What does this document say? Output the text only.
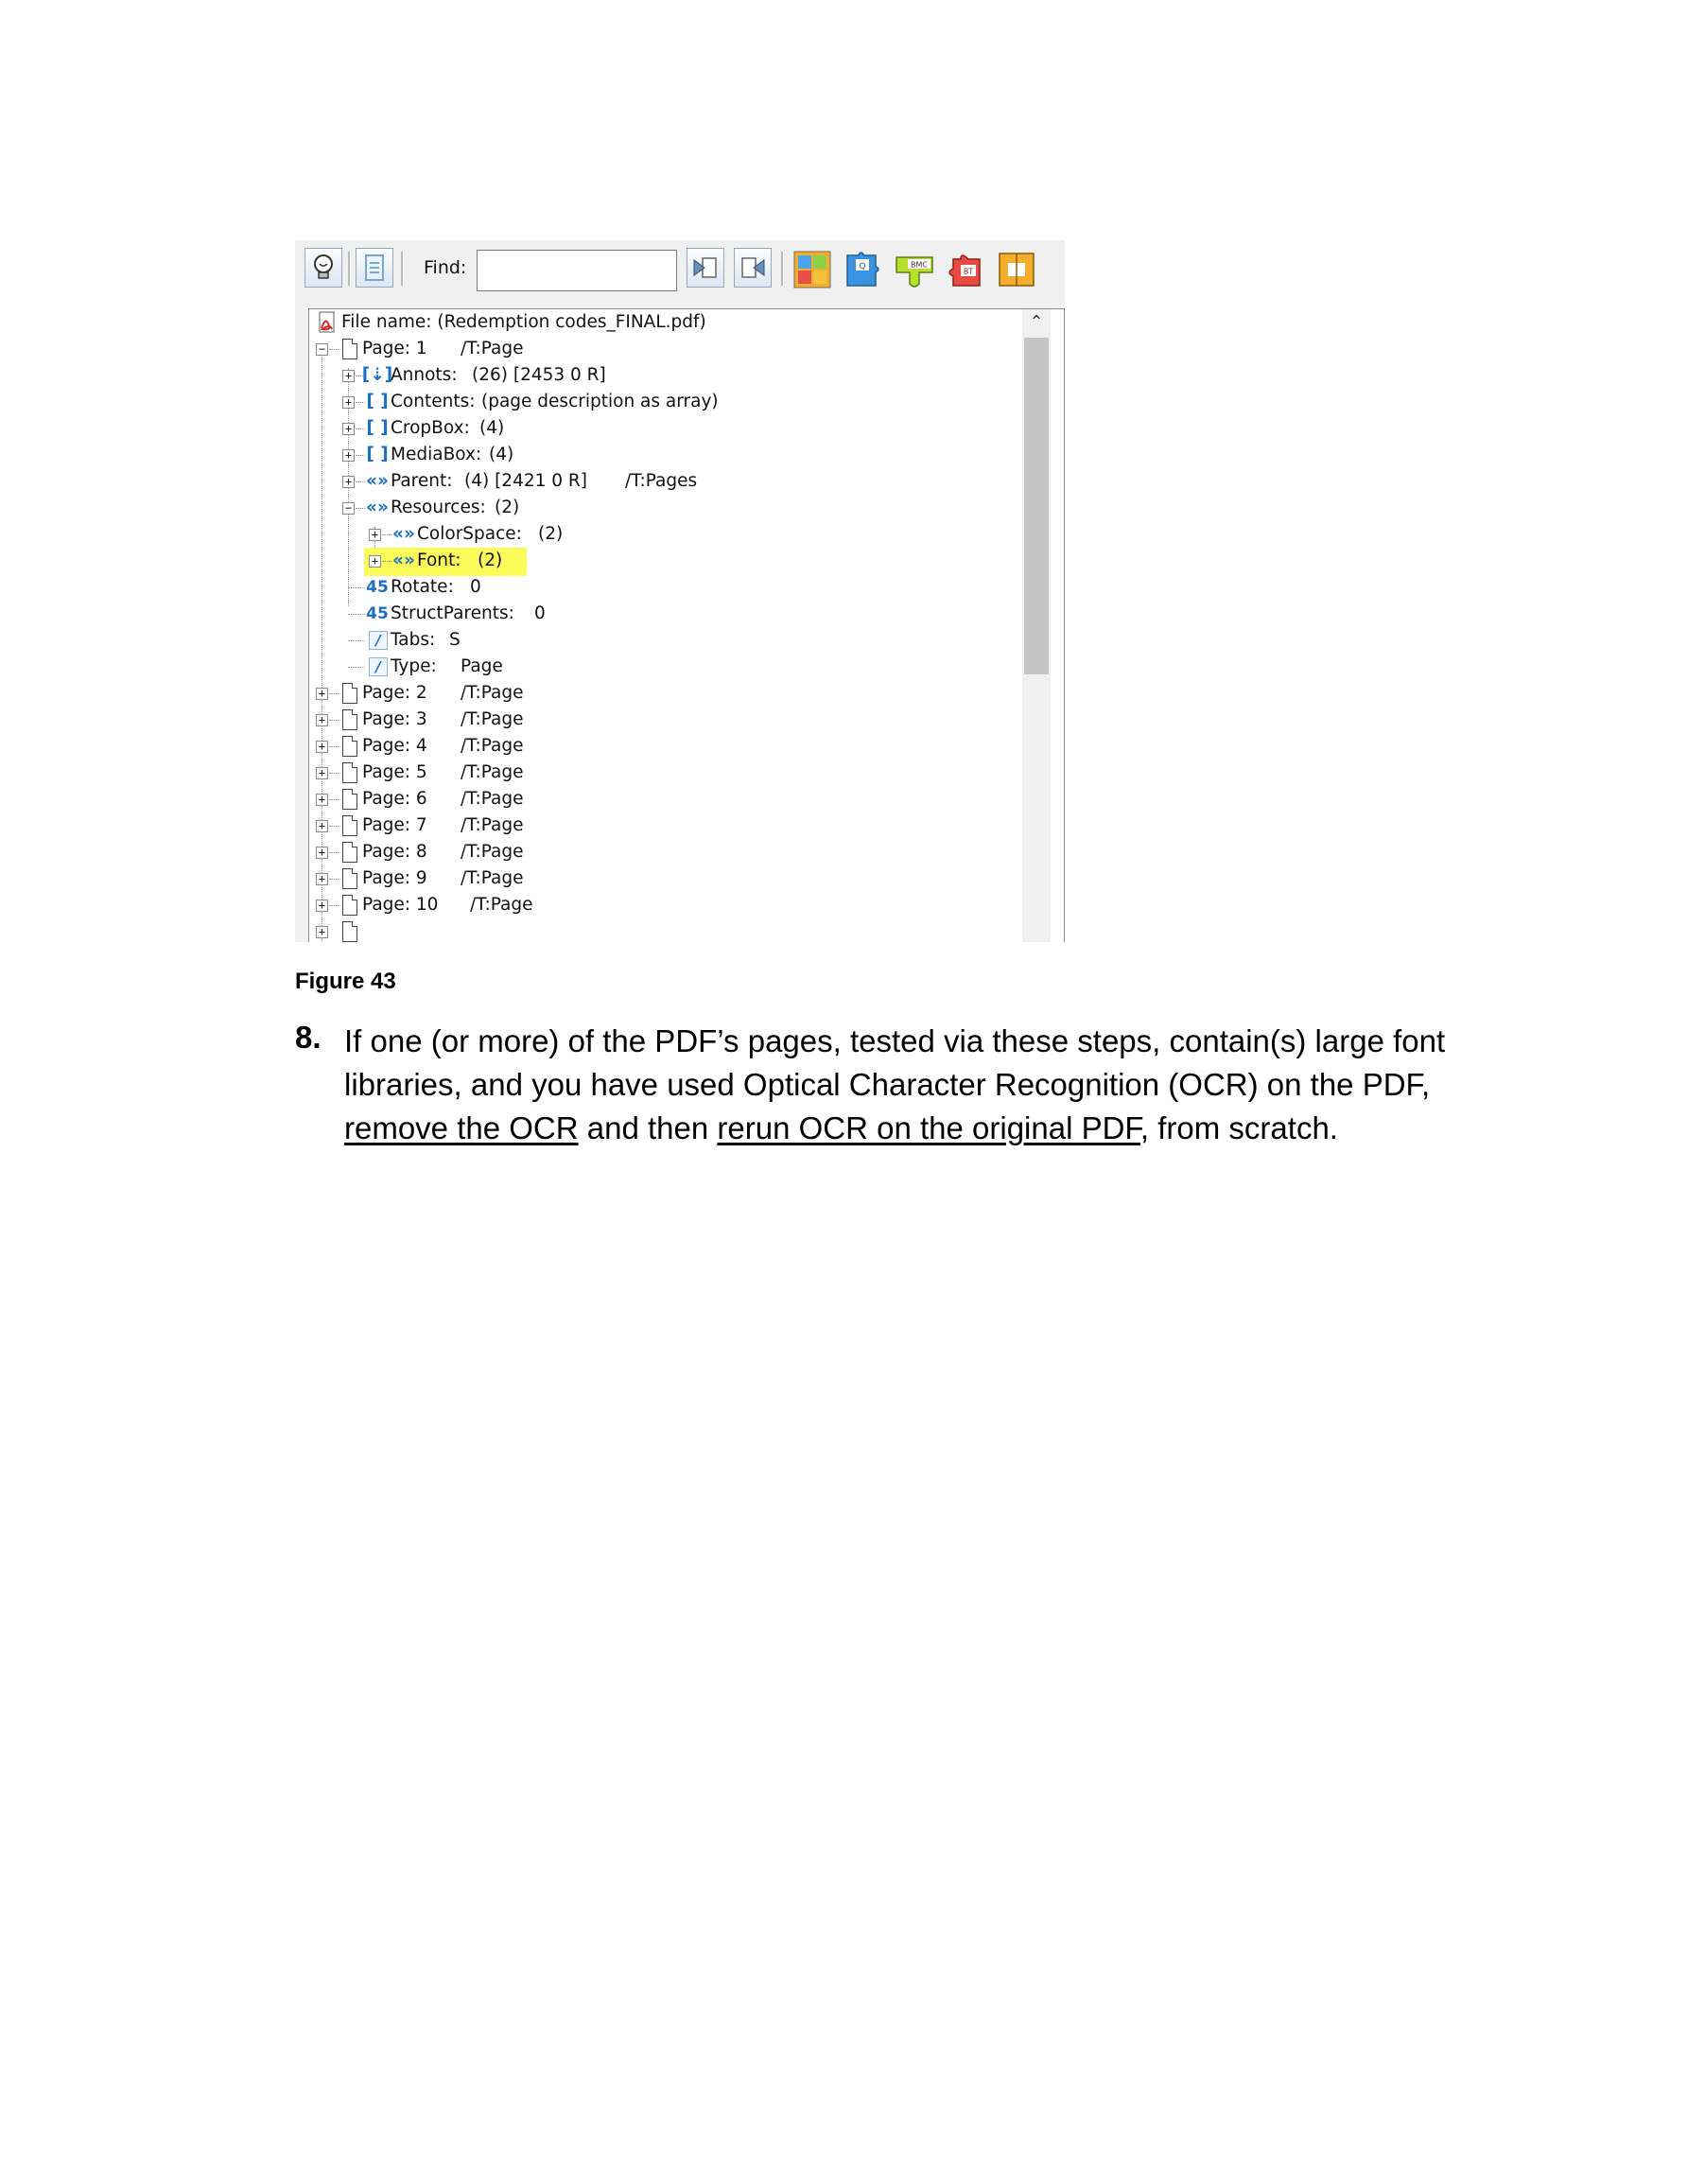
Find:	Q	BMC
BT
⌃

File name: (Redemption codes_FINAL.pdf)

−

Page: 1

/T:Page

+

[⇣]

Annots:

(26) [2453 0 R]

+

[ ]

Contents:

(page description as array)

+

[ ]

CropBox:

(4)

+

[ ]

MediaBox:

(4)

+

«»

Parent:

(4) [2421 0 R]

/T:Pages

−

«»

Resources:

(2)

+

«»

ColorSpace:

(2)

+

«»

Font:

(2)

45

Rotate:

0

45

StructParents:

0

/

Tabs:

S

/

Type:

Page

+

Page: 2

/T:Page

+

Page: 3

/T:Page

+

Page: 4

/T:Page

+

Page: 5

/T:Page

+

Page: 6

/T:Page

+

Page: 7

/T:Page

+

Page: 8

/T:Page

+

Page: 9

/T:Page

+

Page: 10

/T:Page

+

Figure 43
8. If one (or more) of the PDF’s pages, tested via these steps, contain(s) large font libraries, and you have used Optical Character Recognition (OCR) on the PDF, remove the OCR and then rerun OCR on the original PDF, from scratch.
